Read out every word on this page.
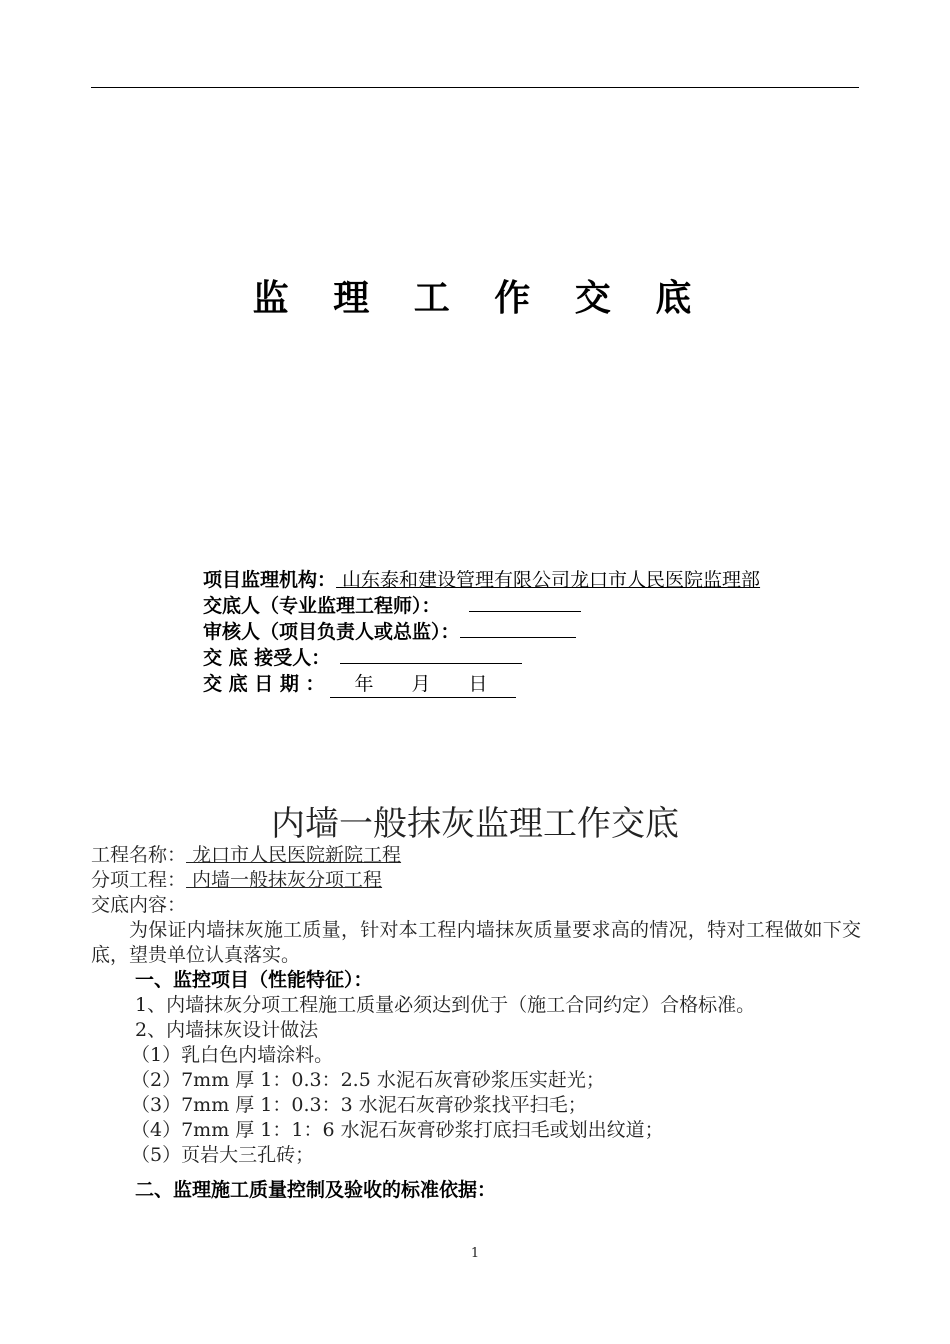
监 理 工 作 交 底
项目监理机构： 山东泰和建设管理有限公司龙口市人民医院监理部
交底人（专业监理工程师）：
审核人（项目负责人或总监）：
交 底 接受人：
交 底 日 期 ： 年 月 日
内墙一般抹灰监理工作交底
工程名称： 龙口市人民医院新院工程
分项工程： 内墙一般抹灰分项工程
交底内容：
为保证内墙抹灰施工质量，针对本工程内墙抹灰质量要求高的情况，特对工程做如下交底，望贵单位认真落实。
一、监控项目（性能特征）：
1、内墙抹灰分项工程施工质量必须达到优于（施工合同约定）合格标准。
2、内墙抹灰设计做法
（1）乳白色内墙涂料。
（2）7mm 厚 1：0.3：2.5 水泥石灰膏砂浆压实赶光；
（3）7mm 厚 1：0.3：3 水泥石灰膏砂浆找平扫毛；
（4）7mm 厚 1：1：6 水泥石灰膏砂浆打底扫毛或划出纹道；
（5）页岩大三孔砖；
二、监理施工质量控制及验收的标准依据：
1
